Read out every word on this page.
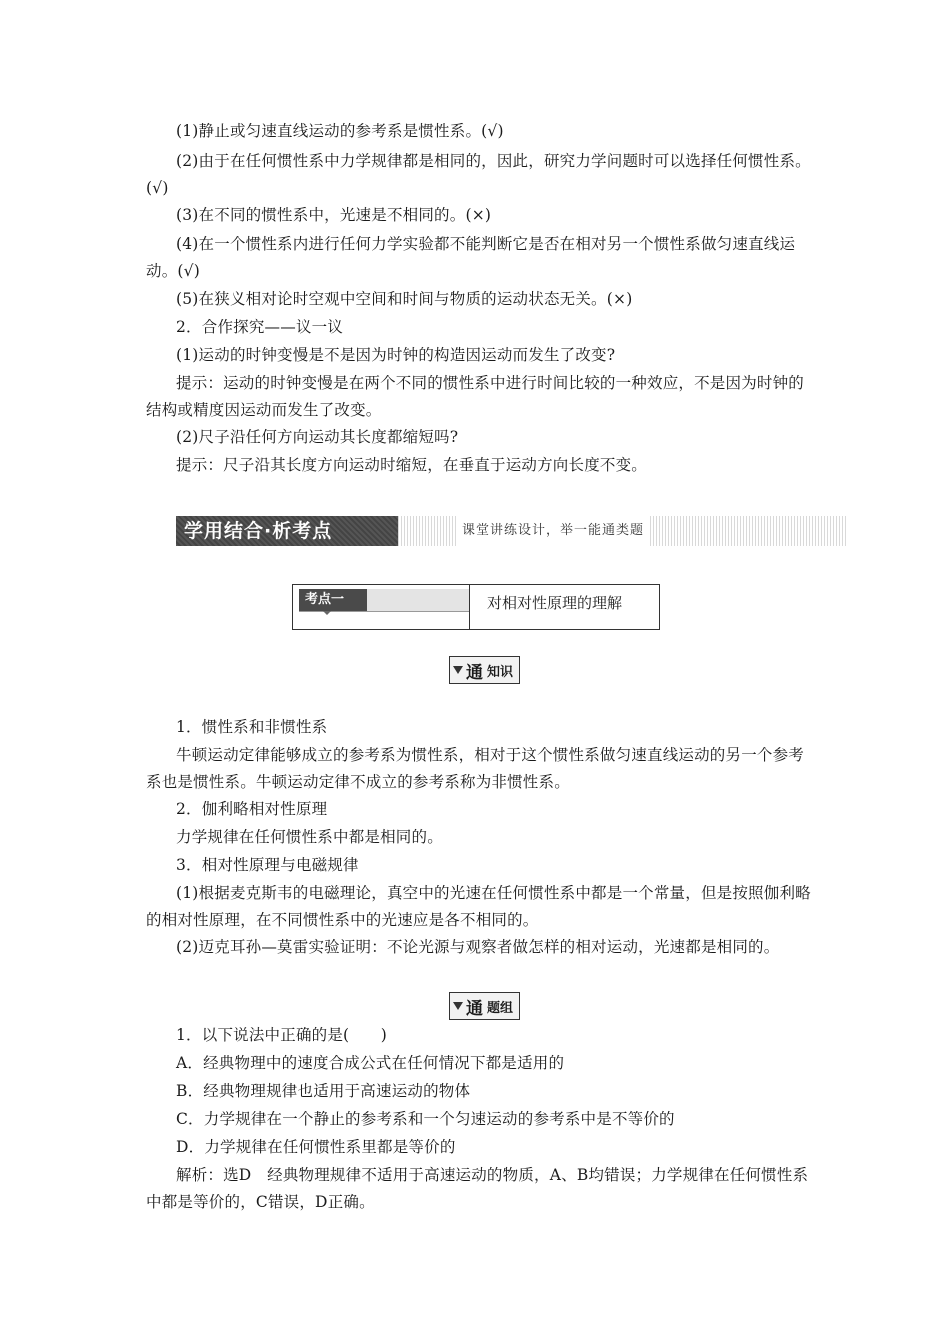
(1)静止或匀速直线运动的参考系是惯性系。(√)

(2)由于在任何惯性系中力学规律都是相同的，因此，研究力学问题时可以选择任何惯性系。(√)

(3)在不同的惯性系中，光速是不相同的。(×)

(4)在一个惯性系内进行任何力学实验都不能判断它是否在相对另一个惯性系做匀速直线运动。(√)

(5)在狭义相对论时空观中空间和时间与物质的运动状态无关。(×)

2．合作探究——议一议

(1)运动的时钟变慢是不是因为时钟的构造因运动而发生了改变?

提示：运动的时钟变慢是在两个不同的惯性系中进行时间比较的一种效应，不是因为时钟的结构或精度因运动而发生了改变。

(2)尺子沿任何方向运动其长度都缩短吗?

提示：尺子沿其长度方向运动时缩短，在垂直于运动方向长度不变。

学用结合·析考点	课堂讲练设计，举一能通类题
考点一	对相对性原理的理解
通 知识

1．惯性系和非惯性系

牛顿运动定律能够成立的参考系为惯性系，相对于这个惯性系做匀速直线运动的另一个参考系也是惯性系。牛顿运动定律不成立的参考系称为非惯性系。

2．伽利略相对性原理

力学规律在任何惯性系中都是相同的。

3．相对性原理与电磁规律

(1)根据麦克斯韦的电磁理论，真空中的光速在任何惯性系中都是一个常量，但是按照伽利略的相对性原理，在不同惯性系中的光速应是各不相同的。

(2)迈克耳孙—莫雷实验证明：不论光源与观察者做怎样的相对运动，光速都是相同的。

通 题组

1．以下说法中正确的是(　　)

A．经典物理中的速度合成公式在任何情况下都是适用的

B．经典物理规律也适用于高速运动的物体

C．力学规律在一个静止的参考系和一个匀速运动的参考系中是不等价的

D．力学规律在任何惯性系里都是等价的

解析：选D　经典物理规律不适用于高速运动的物质，A、B均错误；力学规律在任何惯性系中都是等价的，C错误，D正确。
